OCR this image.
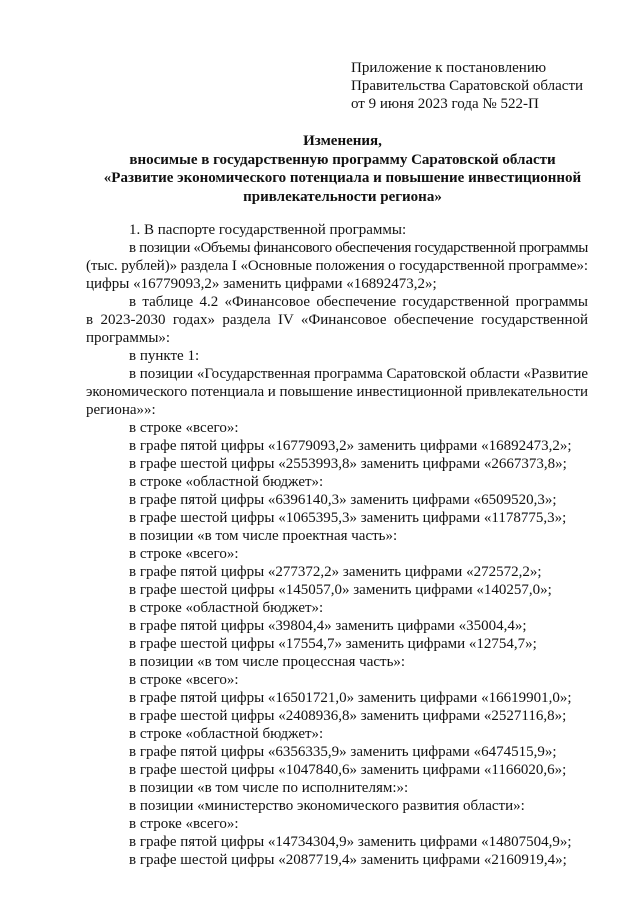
Приложение к постановлению
Правительства Саратовской области
от 9 июня 2023 года № 522-П
Изменения,
вносимые в государственную программу Саратовской области
«Развитие экономического потенциала и повышение инвестиционной
привлекательности региона»
1. В паспорте государственной программы:
в позиции «Объемы финансового обеспечения государственной программы
(тыс. рублей)» раздела I «Основные положения о государственной программе»:
цифры «16779093,2» заменить цифрами «16892473,2»;
в таблице 4.2 «Финансовое обеспечение государственной программы
в 2023-2030 годах» раздела IV «Финансовое обеспечение государственной
программы»:
в пункте 1:
в позиции «Государственная программа Саратовской области «Развитие
экономического потенциала и повышение инвестиционной привлекательности
региона»»:
в строке «всего»:
в графе пятой цифры «16779093,2» заменить цифрами «16892473,2»;
в графе шестой цифры «2553993,8» заменить цифрами «2667373,8»;
в строке «областной бюджет»:
в графе пятой цифры «6396140,3» заменить цифрами «6509520,3»;
в графе шестой цифры «1065395,3» заменить цифрами «1178775,3»;
в позиции «в том числе проектная часть»:
в строке «всего»:
в графе пятой цифры «277372,2» заменить цифрами «272572,2»;
в графе шестой цифры «145057,0» заменить цифрами «140257,0»;
в строке «областной бюджет»:
в графе пятой цифры «39804,4» заменить цифрами «35004,4»;
в графе шестой цифры «17554,7» заменить цифрами «12754,7»;
в позиции «в том числе процессная часть»:
в строке «всего»:
в графе пятой цифры «16501721,0» заменить цифрами «16619901,0»;
в графе шестой цифры «2408936,8» заменить цифрами «2527116,8»;
в строке «областной бюджет»:
в графе пятой цифры «6356335,9» заменить цифрами «6474515,9»;
в графе шестой цифры «1047840,6» заменить цифрами «1166020,6»;
в позиции «в том числе по исполнителям:»:
в позиции «министерство экономического развития области»:
в строке «всего»:
в графе пятой цифры «14734304,9» заменить цифрами «14807504,9»;
в графе шестой цифры «2087719,4» заменить цифрами «2160919,4»;
